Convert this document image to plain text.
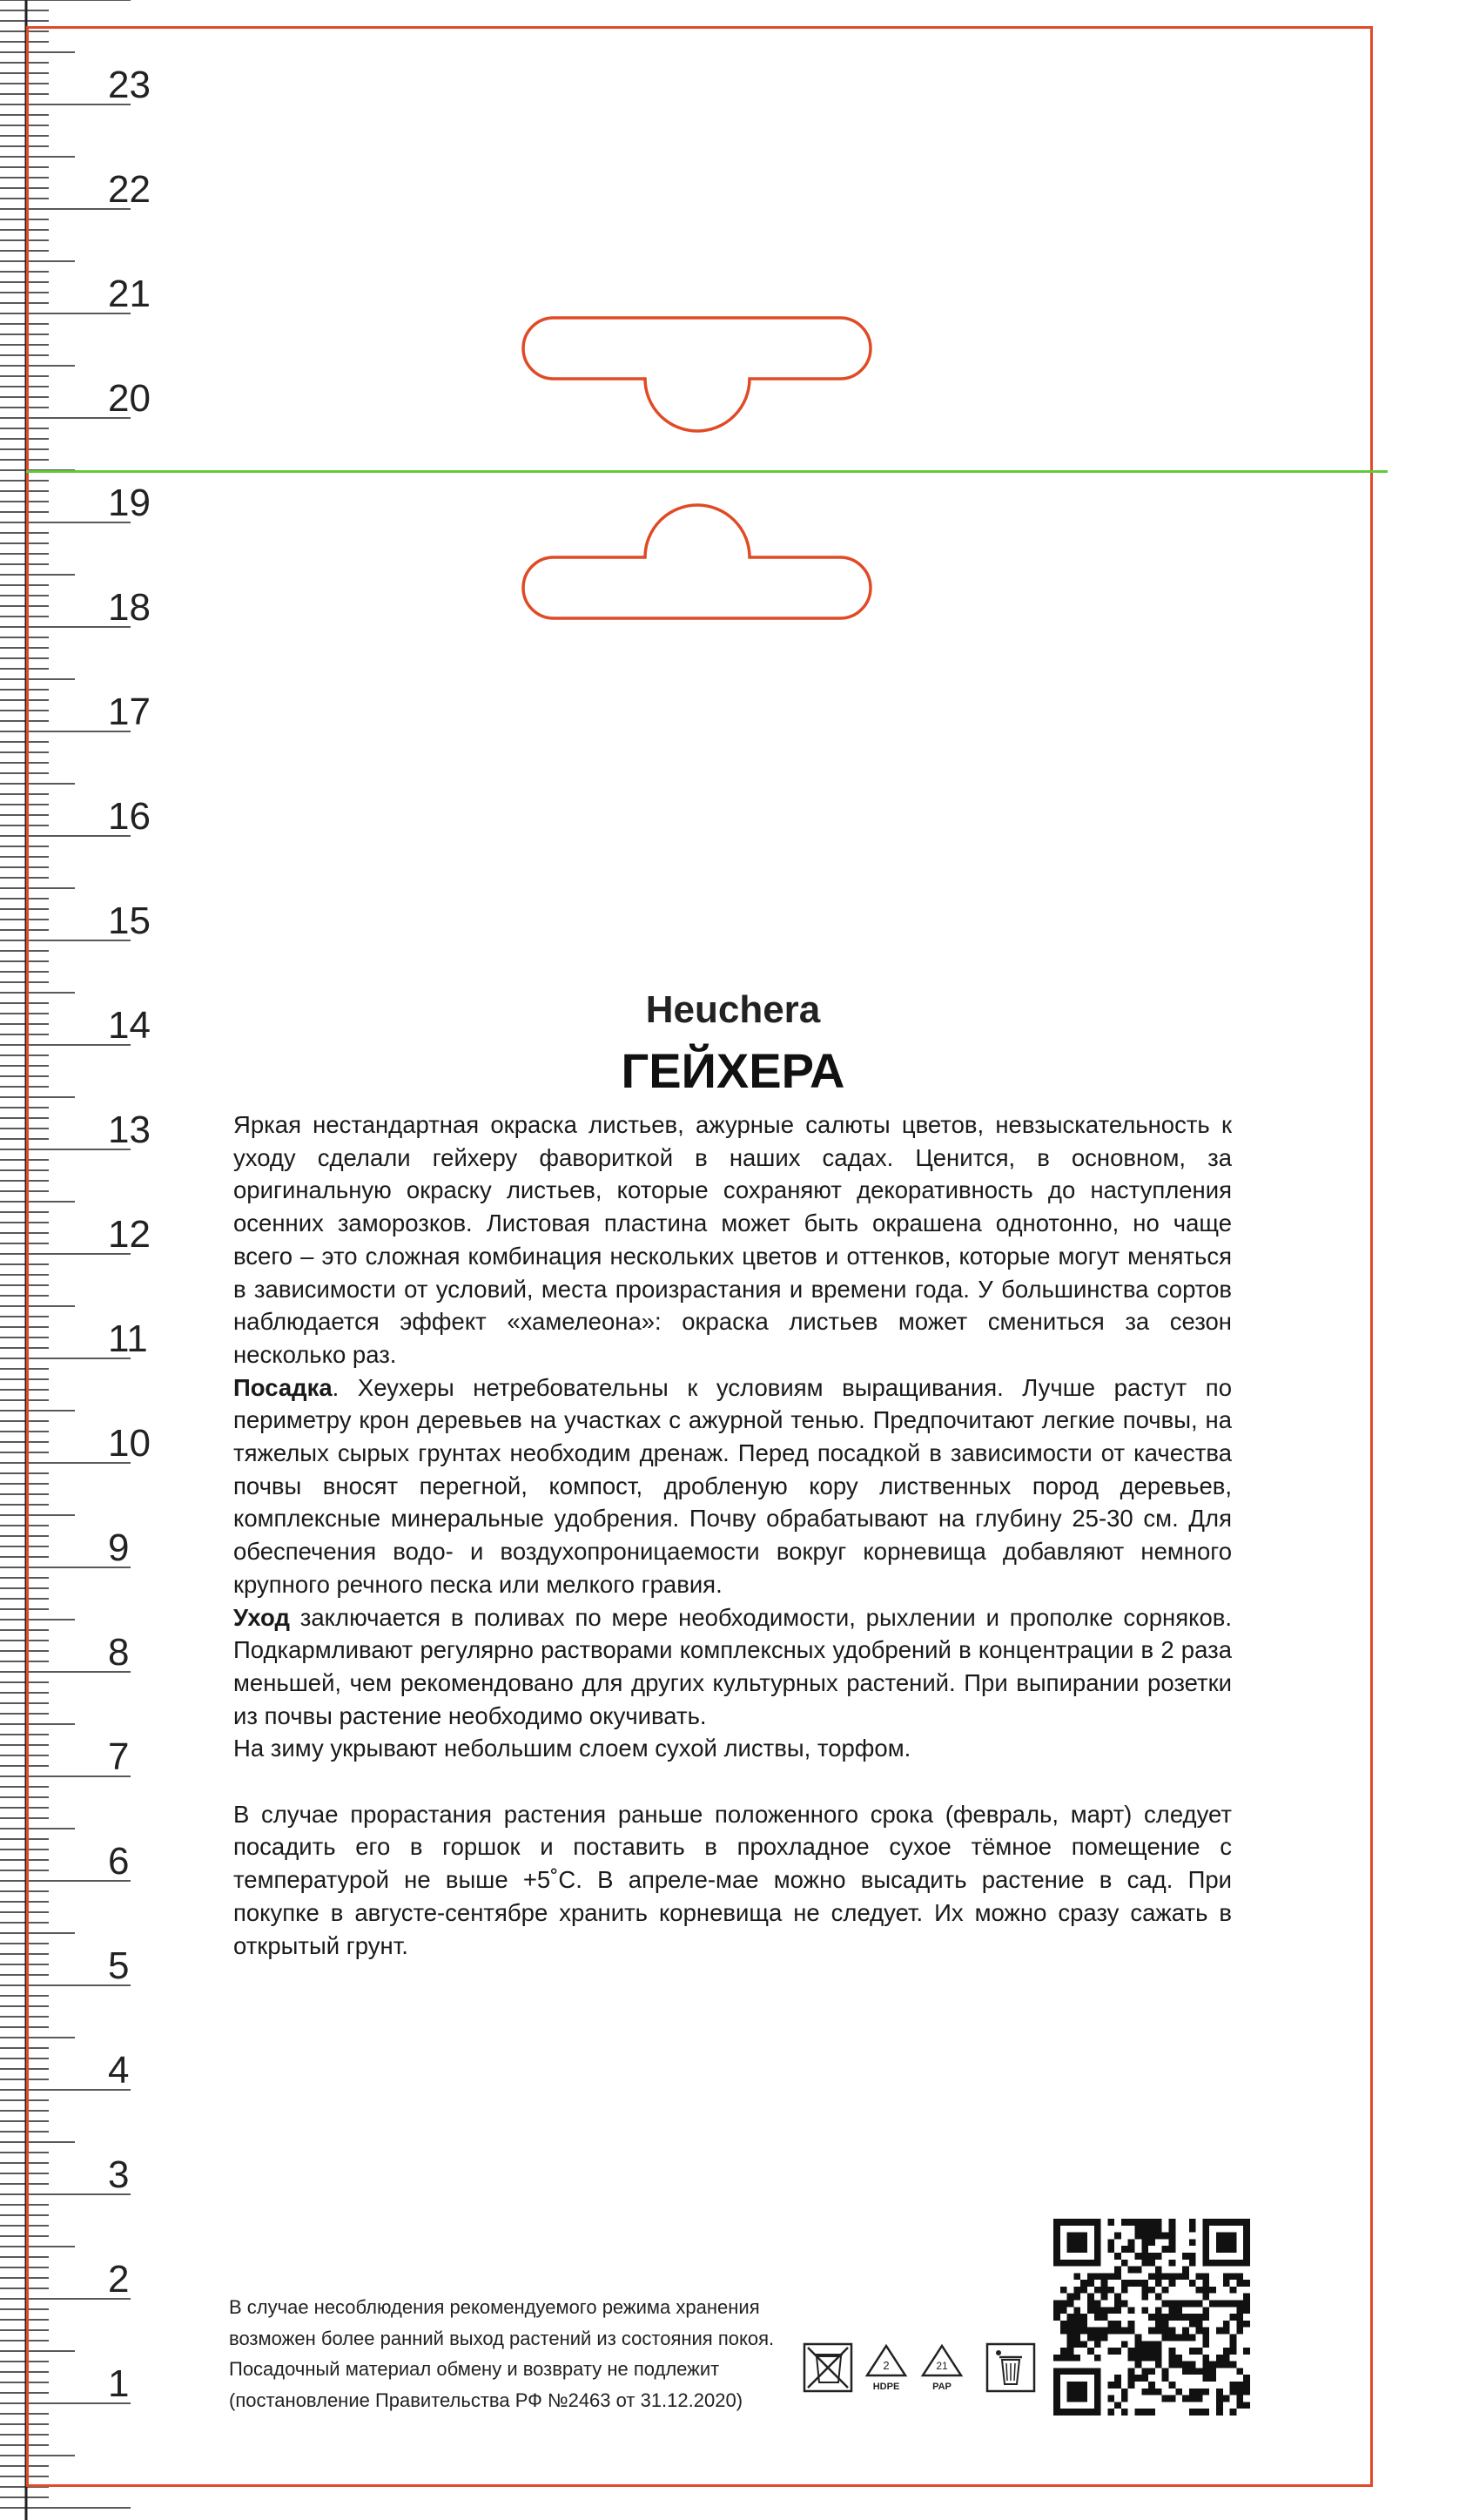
1
2
3
4
5
6
7
8
9
10
11
12
13
14
15
16
17
18
19
20
21
22
23
Heuchera
ГЕЙХЕРА

Яркая нестандартная окраска листьев, ажурные салюты цветов, невзыскательность к уходу сделали гейхеру фавориткой в наших садах. Ценится, в основном, за оригинальную окраску листьев, которые сохраняют декоративность до наступления осенних заморозков. Листовая пластина может быть окрашена однотонно, но чаще всего – это сложная комбинация нескольких цветов и оттенков, которые могут меняться в зависимости от условий, места произрастания и времени года. У большинства сортов наблюдается эффект «хамелеона»: окраска листьев может смениться за сезон несколько раз.

Посадка. Хеухеры нетребовательны к условиям выращивания. Лучше растут по периметру крон деревьев на участках с ажурной тенью. Предпочитают легкие почвы, на тяжелых сырых грунтах необходим дренаж. Перед посадкой в зависимости от качества почвы вносят перегной, компост, дробленую кору лиственных пород деревьев, комплексные минеральные удобрения. Почву обрабатывают на глубину 25-30 см. Для обеспечения водо- и воздухопроницаемости вокруг корневища добавляют немного крупного речного песка или мелкого гравия.

Уход заключается в поливах по мере необходимости, рыхлении и прополке сорняков. Подкармливают регулярно растворами комплексных удобрений в концентрации в 2 раза меньшей, чем рекомендовано для других культурных растений. При выпирании розетки из почвы растение необходимо окучивать.

На зиму укрывают небольшим слоем сухой листвы, торфом.

В случае прорастания растения раньше положенного срока (февраль, март) следует посадить его в горшок и поставить в прохладное сухое тёмное помещение с температурой не выше +5˚С. В апреле-мае можно высадить растение в сад. При покупке в августе-сентябре хранить корневища не следует. Их можно сразу сажать в открытый грунт.

В случае несоблюдения рекомендуемого режима хранения
возможен более ранний выход растений из состояния покоя.
Посадочный материал обмену и возврату не подлежит
(постановление Правительства РФ №2463 от 31.12.2020)
2
HDPE
21
PAP
